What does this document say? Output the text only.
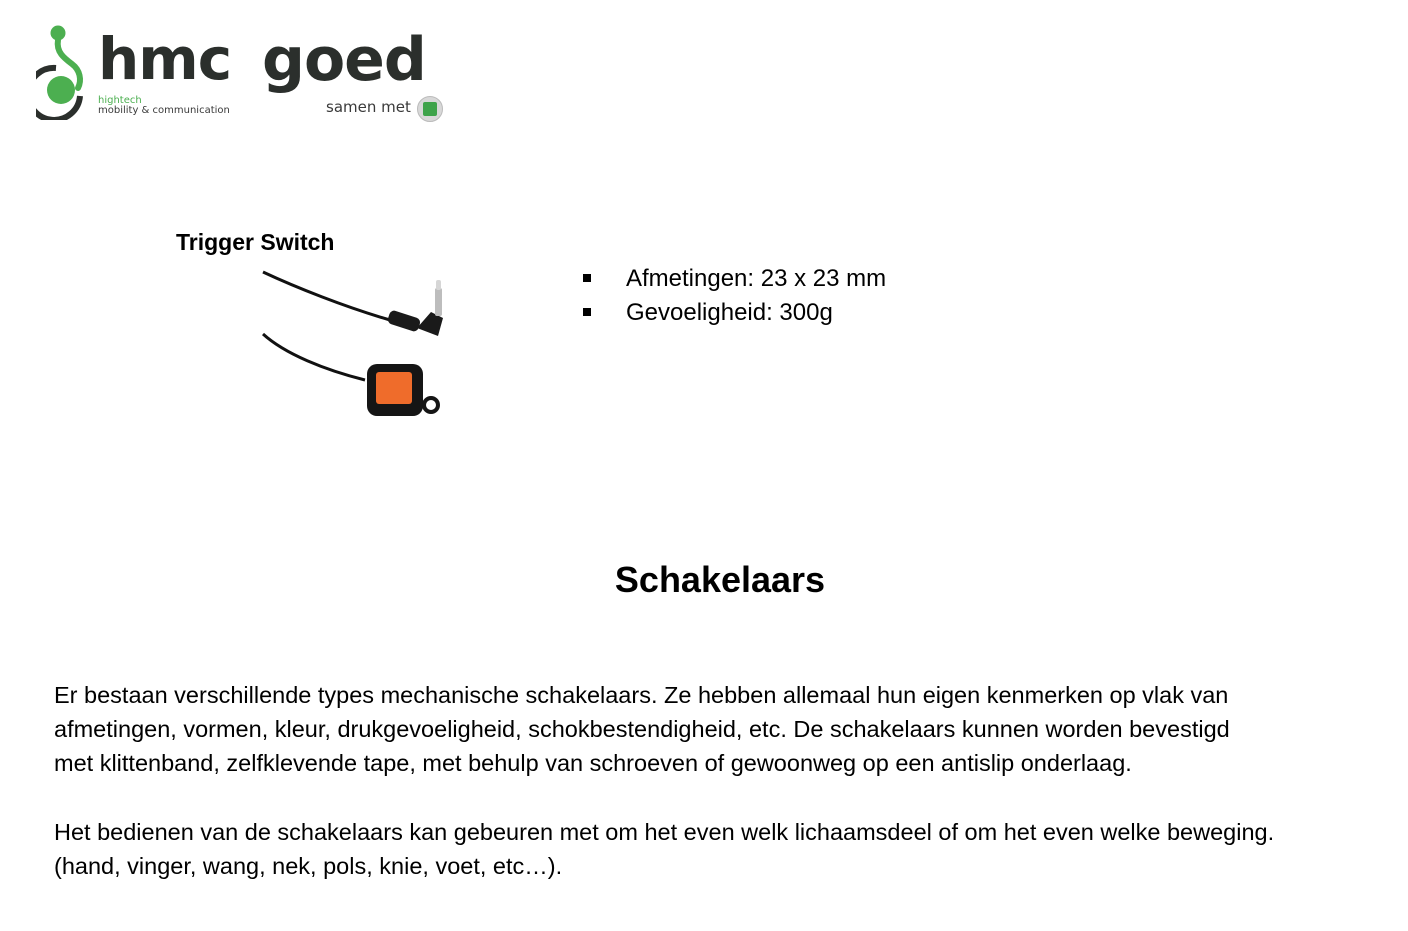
hmc
hightech
mobility & communication
goed
samen met
Trigger Switch
Afmetingen: 23 x 23 mm
Gevoeligheid: 300g
Schakelaars

Er bestaan verschillende types mechanische schakelaars. Ze hebben allemaal hun eigen kenmerken op vlak van
afmetingen, vormen, kleur, drukgevoeligheid, schokbestendigheid, etc. De schakelaars kunnen worden bevestigd
met klittenband, zelfklevende tape, met behulp van schroeven of gewoonweg op een antislip onderlaag.

Het bedienen van de schakelaars kan gebeuren met om het even welk lichaamsdeel of om het even welke beweging.
(hand, vinger, wang, nek, pols, knie, voet, etc…).
